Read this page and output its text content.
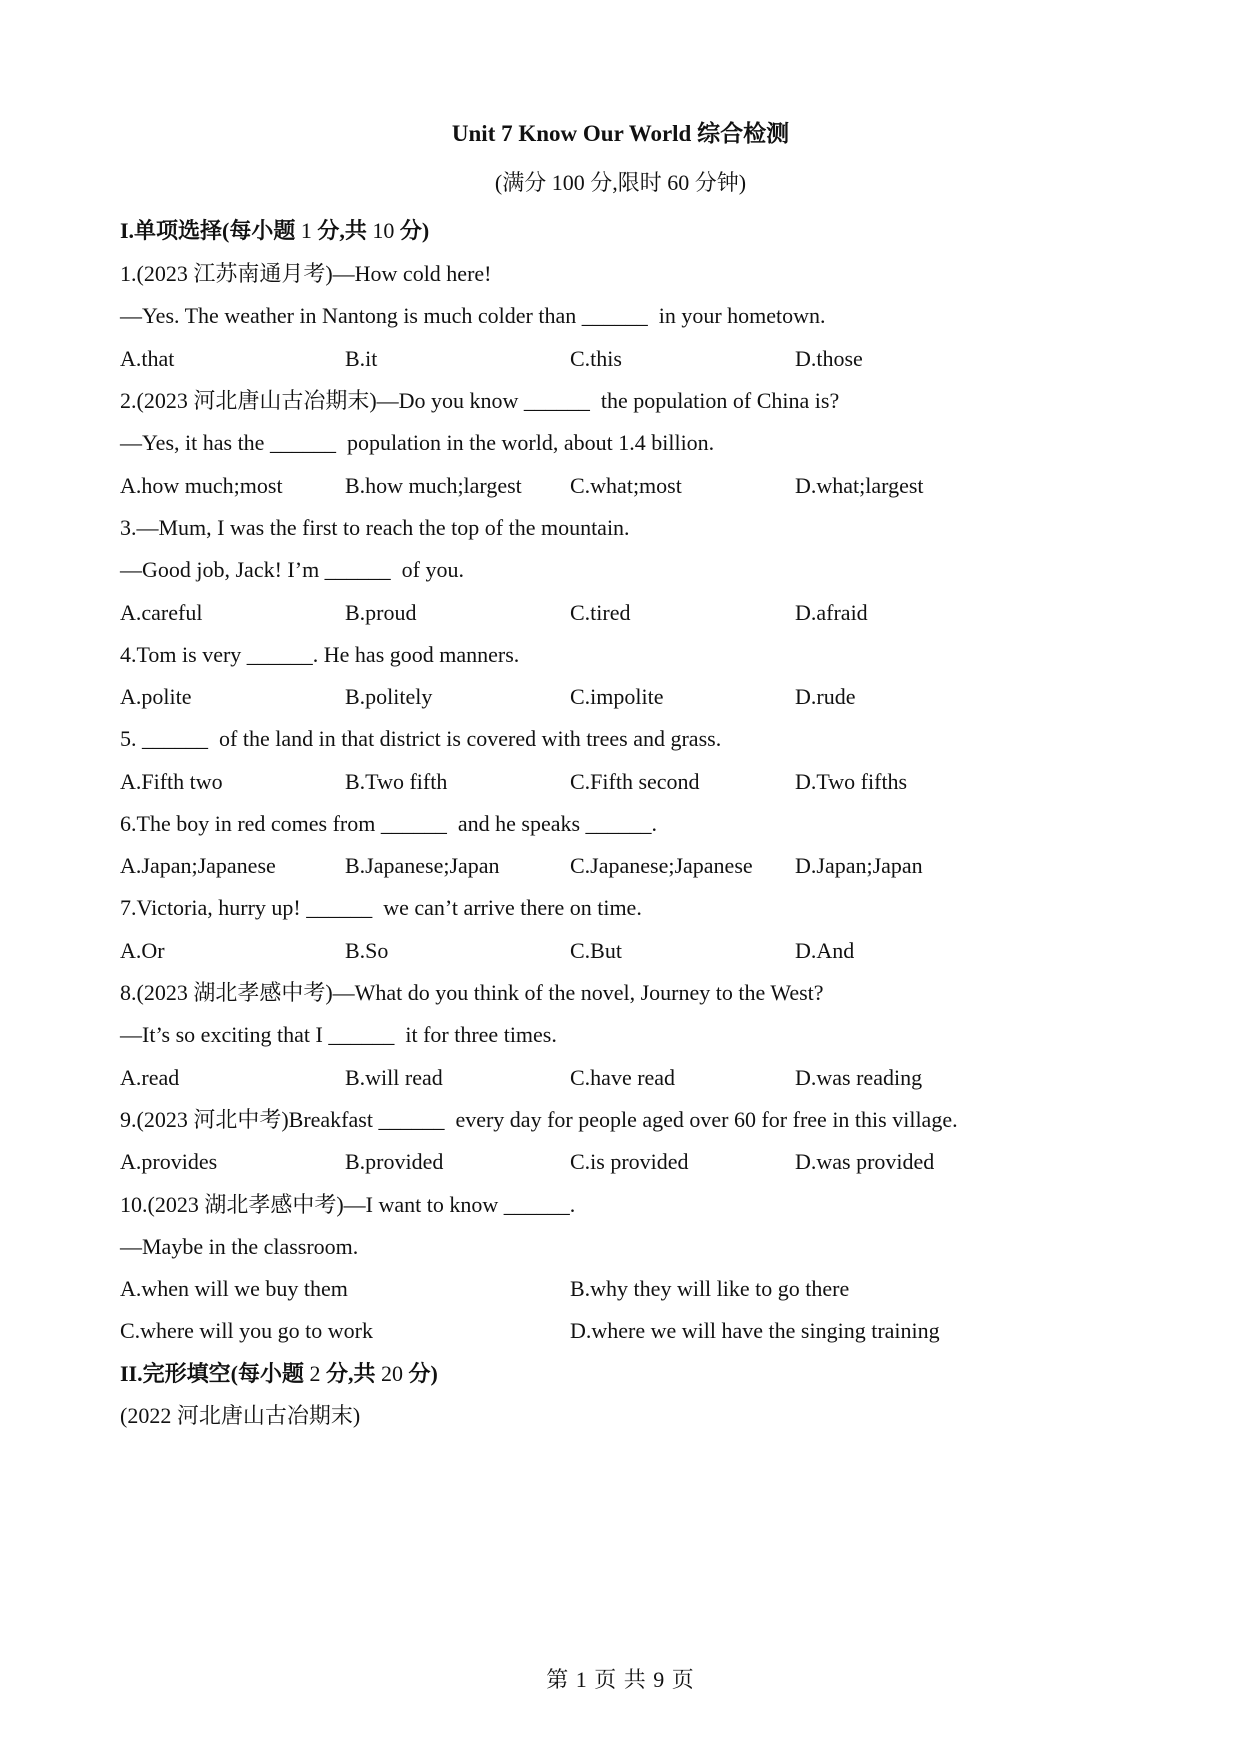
Unit 7 Know Our World 综合检测
(满分 100 分,限时 60 分钟)
I.单项选择(每小题 1 分,共 10 分)
1.(2023 江苏南通月考)—How cold here!
—Yes. The weather in Nantong is much colder than ______  in your hometown.
A.that	B.it	C.this	D.those
2.(2023 河北唐山古冶期末)—Do you know ______  the population of China is?
—Yes, it has the ______  population in the world, about 1.4 billion.
A.how much;most	B.how much;largest C.what;most	D.what;largest
3.—Mum, I was the first to reach the top of the mountain.
—Good job, Jack! I’m ______  of you.
A.careful	B.proud	C.tired	D.afraid
4.Tom is very ______. He has good manners.
A.polite	B.politely	C.impolite	D.rude
5. ______  of the land in that district is covered with trees and grass.
A.Fifth two	B.Two fifth	C.Fifth second	D.Two fifths
6.The boy in red comes from ______  and he speaks ______.
A.Japan;Japanese	B.Japanese;Japan	C.Japanese;Japanese D.Japan;Japan
7.Victoria, hurry up! ______  we can’t arrive there on time.
A.Or	B.So	C.But	D.And
8.(2023 湖北孝感中考)—What do you think of the novel, Journey to the West?
—It’s so exciting that I ______  it for three times.
A.read	B.will read	C.have read	D.was reading
9.(2023 河北中考)Breakfast ______  every day for people aged over 60 for free in this village.
A.provides	B.provided	C.is provided	D.was provided
10.(2023 湖北孝感中考)—I want to know ______.
—Maybe in the classroom.
A.when will we buy them	B.why they will like to go there
C.where will you go to work	D.where we will have the singing training
II.完形填空(每小题 2 分,共 20 分)
(2022 河北唐山古冶期末)
第 1 页 共 9 页
